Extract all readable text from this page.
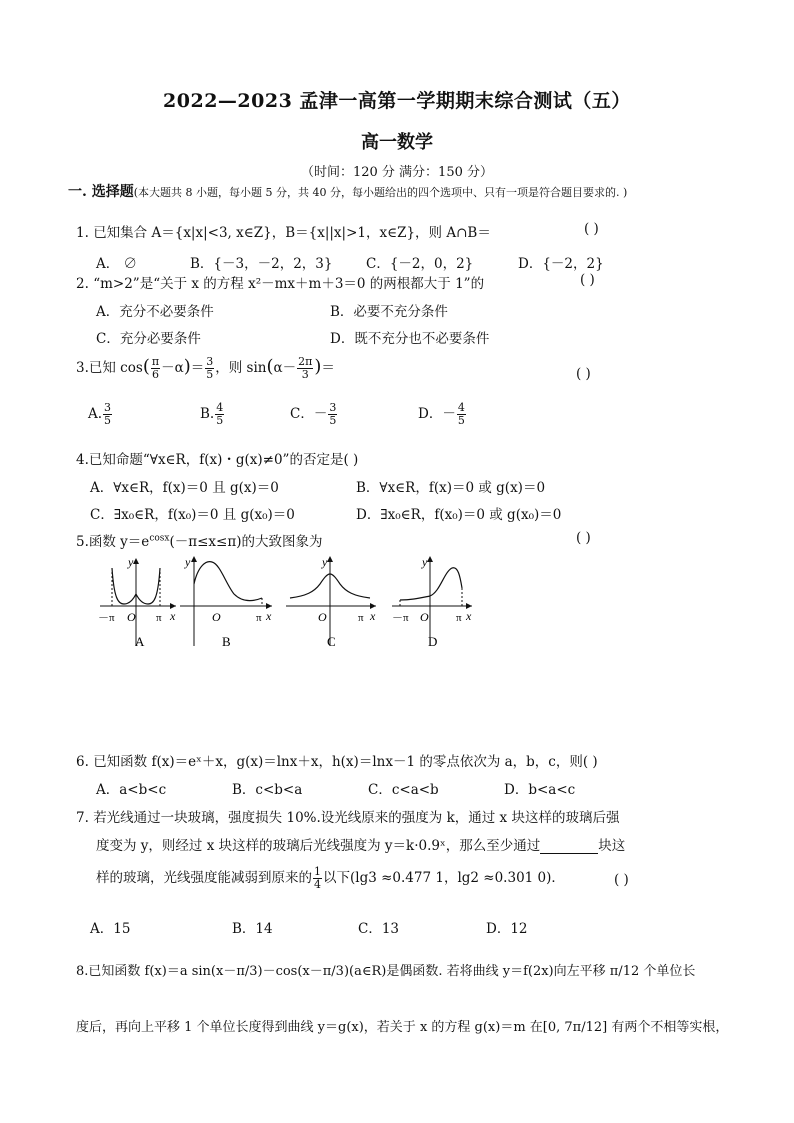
2022—2023 孟津一高第一学期期末综合测试（五）
高一数学
（时间：120 分 满分：150 分）
一. 选择题(本大题共 8 小题，每小题 5 分，共 40 分，每小题给出的四个选项中、只有一项是符合题目要求的. )
1. 已知集合 A＝{x|x|<3, x∈Z}，B＝{x||x|>1，x∈Z}，则 A∩B＝	( )
A． ∅	B．{－3，－2，2，3} C．{－2，0，2}	D．{－2，2}
2. “m>2”是“关于 x 的方程 x²－mx＋m＋3＝0 的两根都大于 1”的	( )
A．充分不必要条件	B．必要不充分条件
C．充分必要条件	D．既不充分也不必要条件
3.已知 $\cos( \frac{\pi}{6} -\alpha)= \frac{3}{5}$ ，则 $\sin(\alpha- \frac{2\pi}{3}$ )＝	( )
A. $\frac{3}{5}$	B. $\frac{4}{5}$	C．－ $\frac{3}{5}$	D．－ $\frac{4}{5}$
4.已知命题“∀x∈R，f(x)・g(x)≠0”的否定是( )
A．∀x∈R，f(x)＝0 且 g(x)＝0	B．∀x∈R，f(x)＝0 或 g(x)＝0
C．∃x₀∈R，f(x₀)＝0 且 g(x₀)＝0	D．∃x₀∈R，f(x₀)＝0 或 g(x₀)＝0
5.函数 $y=e^{cosx}(-\pi\le x\le\pi)$的大致图象为	( )
－π O π x
y
A
y
O	π x
B
y
O	π x
C
y
－π O π x
D
6. 已知函数 f(x)＝eˣ＋x，g(x)＝lnx＋x，h(x)＝lnx－1 的零点依次为 a，b，c，则( )
A．a<b<c	B．c<b<a	C．c<a<b	D．b<a<c
7. 若光线通过一块玻璃，强度损失 10%.设光线原来的强度为 k，通过 x 块这样的玻璃后强
度变为 y，则经过 x 块这样的玻璃后光线强度为 y＝k·0.9ˣ，那么至少通过	块这
样的玻璃，光线强度能减弱到原来的 $\frac{1}{4}$ 以下(lg3 ≈0.477 1，lg2 ≈0.301 0)．	( )
A．15	B．14	C．13	D．12
8.已知函数 f(x)＝a sin(x－π/3)－cos(x－π/3)(a∈R)是偶函数. 若将曲线 y＝f(2x)向左平移 π/12 个单位长
度后，再向上平移 1 个单位长度得到曲线 y＝g(x)，若关于 x 的方程 g(x)＝m 在[0, 7π/12] 有两个不相等实根，
